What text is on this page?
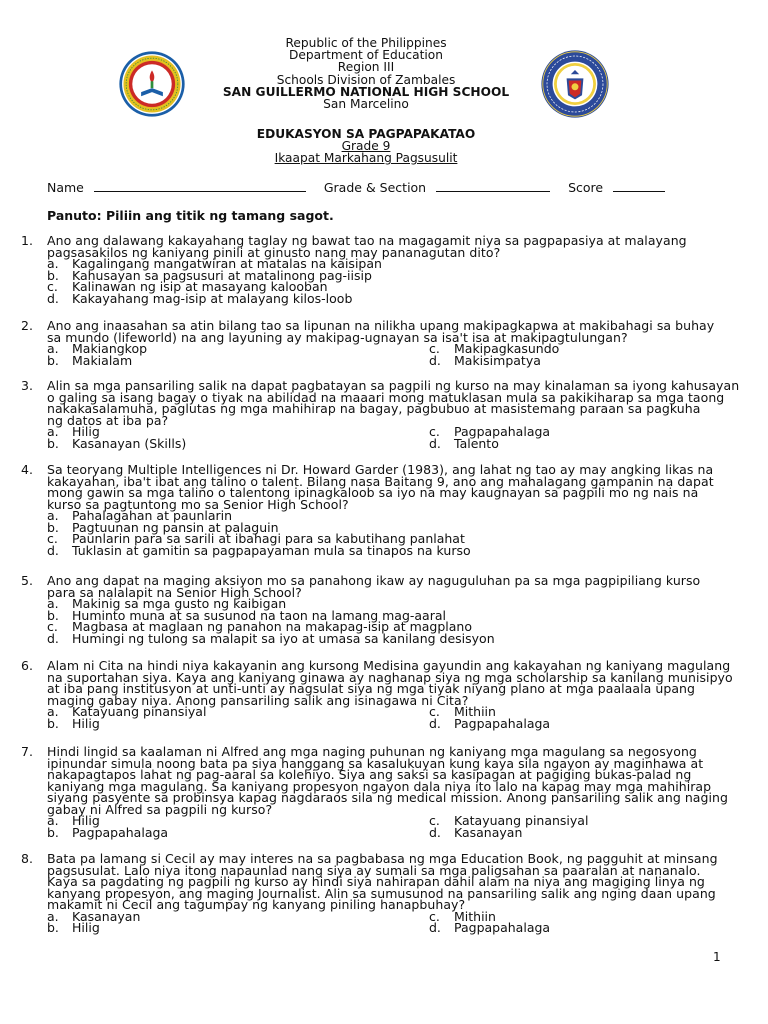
Republic of the Philippines
Department of Education
Region III
Schools Division of Zambales
SAN GUILLERMO NATIONAL HIGH SCHOOL
San Marcelino
EDUKASYON SA PAGPAPAKATAO
Grade 9
Ikaapat Markahang Pagsusulit
Name	Grade & Section	Score
Panuto: Piliin ang titik ng tamang sagot.
1.	Ano ang dalawang kakayahang taglay ng bawat tao na magagamit niya sa pagpapasiya at malayang
pagsasakilos ng kaniyang pinili at ginusto nang may pananagutan dito?
a. Kagalingang mangatwiran at matalas na kaisipan
b. Kahusayan sa pagsusuri at matalinong pag-iisip
c. Kalinawan ng isip at masayang kalooban
d. Kakayahang mag-isip at malayang kilos-loob
2.	Ano ang inaasahan sa atin bilang tao sa lipunan na nilikha upang makipagkapwa at makibahagi sa buhay
sa mundo (lifeworld) na ang layuning ay makipag-ugnayan sa isa't isa at makipagtulungan?
a. Makiangkop	c. Makipagkasundo
b. Makialam	d. Makisimpatya
3.	Alin sa mga pansariling salik na dapat pagbatayan sa pagpili ng kurso na may kinalaman sa iyong kahusayan
o galing sa isang bagay o tiyak na abilidad na maaari mong matuklasan mula sa pakikiharap sa mga taong
nakakasalamuha, paglutas ng mga mahihirap na bagay, pagbubuo at masistemang paraan sa pagkuha
ng datos at iba pa?
a. Hilig	c. Pagpapahalaga
b. Kasanayan (Skills)	d. Talento
4.	Sa teoryang Multiple Intelligences ni Dr. Howard Garder (1983), ang lahat ng tao ay may angking likas na
kakayahan, iba't ibat ang talino o talent. Bilang nasa Baitang 9, ano ang mahalagang gampanin na dapat
mong gawin sa mga talino o talentong ipinagkaloob sa iyo na may kaugnayan sa pagpili mo ng nais na
kurso sa pagtuntong mo sa Senior High School?
a. Pahalagahan at paunlarin
b. Pagtuunan ng pansin at palaguin
c. Paunlarin para sa sarili at ibahagi para sa kabutihang panlahat
d. Tuklasin at gamitin sa pagpapayaman mula sa tinapos na kurso
5.	Ano ang dapat na maging aksiyon mo sa panahong ikaw ay naguguluhan pa sa mga pagpipiliang kurso
para sa nalalapit na Senior High School?
a. Makinig sa mga gusto ng kaibigan
b. Huminto muna at sa susunod na taon na lamang mag-aaral
c. Magbasa at maglaan ng panahon na makapag-isip at magplano
d. Humingi ng tulong sa malapit sa iyo at umasa sa kanilang desisyon
6.	Alam ni Cita na hindi niya kakayanin ang kursong Medisina gayundin ang kakayahan ng kaniyang magulang
na suportahan siya. Kaya ang kaniyang ginawa ay naghanap siya ng mga scholarship sa kanilang munisipyo
at iba pang institusyon at unti-unti ay nagsulat siya ng mga tiyak niyang plano at mga paalaala upang
maging gabay niya. Anong pansariling salik ang isinagawa ni Cita?
a. Katayuang pinansiyal	c. Mithiin
b. Hilig	d. Pagpapahalaga
7.	Hindi lingid sa kaalaman ni Alfred ang mga naging puhunan ng kaniyang mga magulang sa negosyong
ipinundar simula noong bata pa siya hanggang sa kasalukuyan kung kaya sila ngayon ay maginhawa at
nakapagtapos lahat ng pag-aaral sa kolehiyo. Siya ang saksi sa kasipagan at pagiging bukas-palad ng
kaniyang mga magulang. Sa kaniyang propesyon ngayon dala niya ito lalo na kapag may mga mahihirap
siyang pasyente sa probinsya kapag nagdaraos sila ng medical mission. Anong pansariling salik ang naging
gabay ni Alfred sa pagpili ng kurso?
a. Hilig	c. Katayuang pinansiyal
b. Pagpapahalaga	d. Kasanayan
8.	Bata pa lamang si Cecil ay may interes na sa pagbabasa ng mga Education Book, ng pagguhit at minsang
pagsusulat. Lalo niya itong napaunlad nang siya ay sumali sa mga paligsahan sa paaralan at nananalo.
Kaya sa pagdating ng pagpili ng kurso ay hindi siya nahirapan dahil alam na niya ang magiging linya ng
kanyang propesyon, ang maging Journalist. Alin sa sumusunod na pansariling salik ang nging daan upang
makamit ni Cecil ang tagumpay ng kanyang piniling hanapbuhay?
a. Kasanayan	c. Mithiin
b. Hilig	d. Pagpapahalaga
1
